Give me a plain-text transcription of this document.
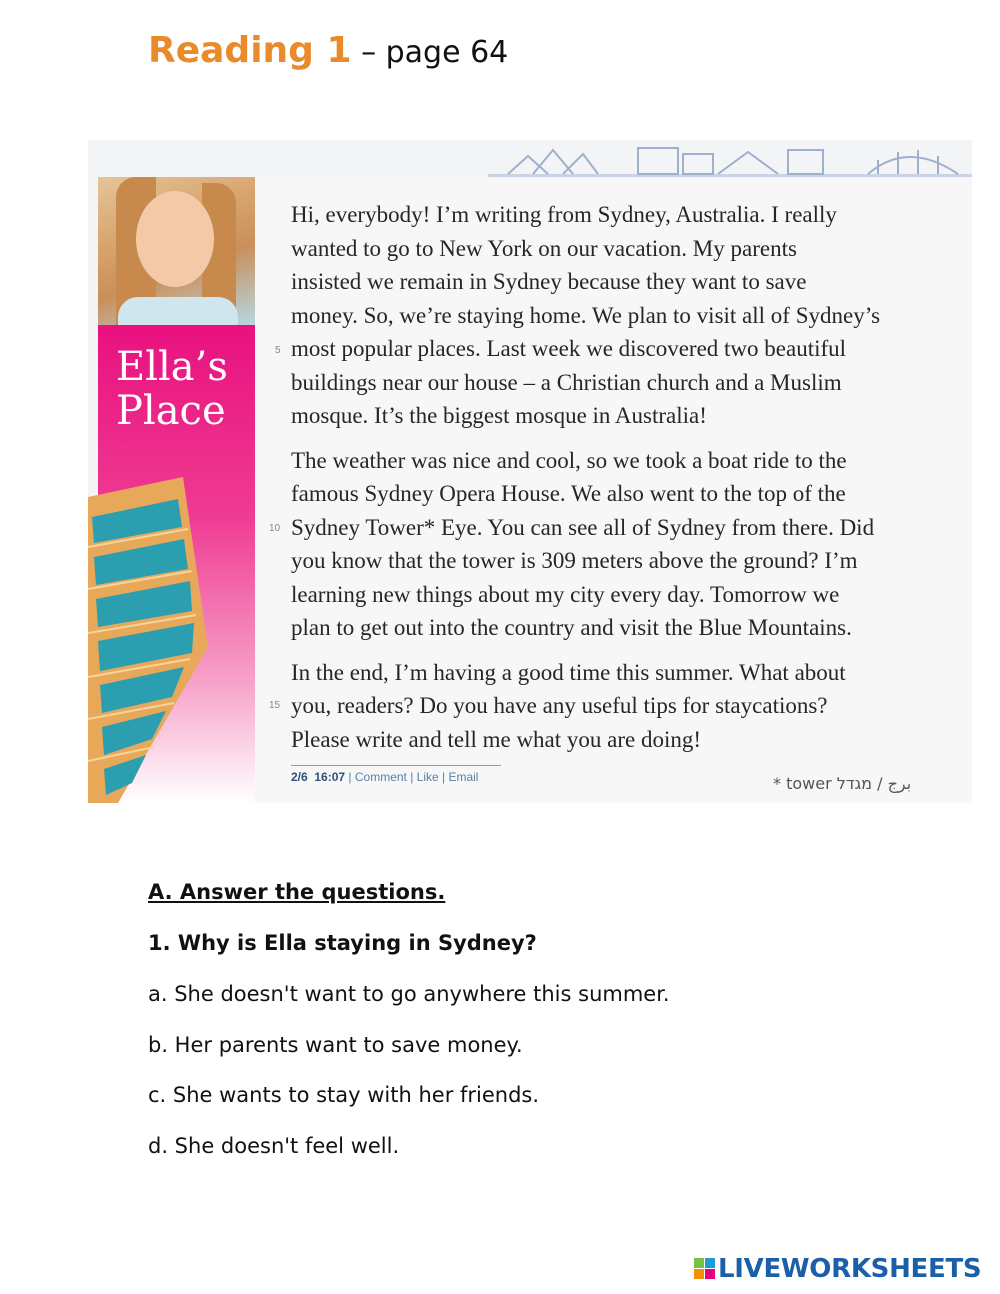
Reading 1 – page 64
Ella’s
Place

Hi, everybody! I’m writing from Sydney, Australia. I really
wanted to go to New York on our vacation. My parents
insisted we remain in Sydney because they want to save
money. So, we’re staying home. We plan to visit all of Sydney’s
most popular places. Last week we discovered two beautiful
buildings near our house – a Christian church and a Muslim
mosque. It’s the biggest mosque in Australia!

The weather was nice and cool, so we took a boat ride to the
famous Sydney Opera House. We also went to the top of the
Sydney Tower* Eye. You can see all of Sydney from there. Did
you know that the tower is 309 meters above the ground? I’m
learning new things about my city every day. Tomorrow we
plan to get out into the country and visit the Blue Mountains.

In the end, I’m having a good time this summer. What about
you, readers? Do you have any useful tips for staycations?
Please write and tell me what you are doing!

5
10
15
2/6 16:07 | Comment | Like | Email	* tower برج / מגדל
A. Answer the questions.
1. Why is Ella staying in Sydney?
a. She doesn't want to go anywhere this summer.
b. Her parents want to save money.
c. She wants to stay with her friends.
d. She doesn't feel well.
LIVEWORKSHEETS
